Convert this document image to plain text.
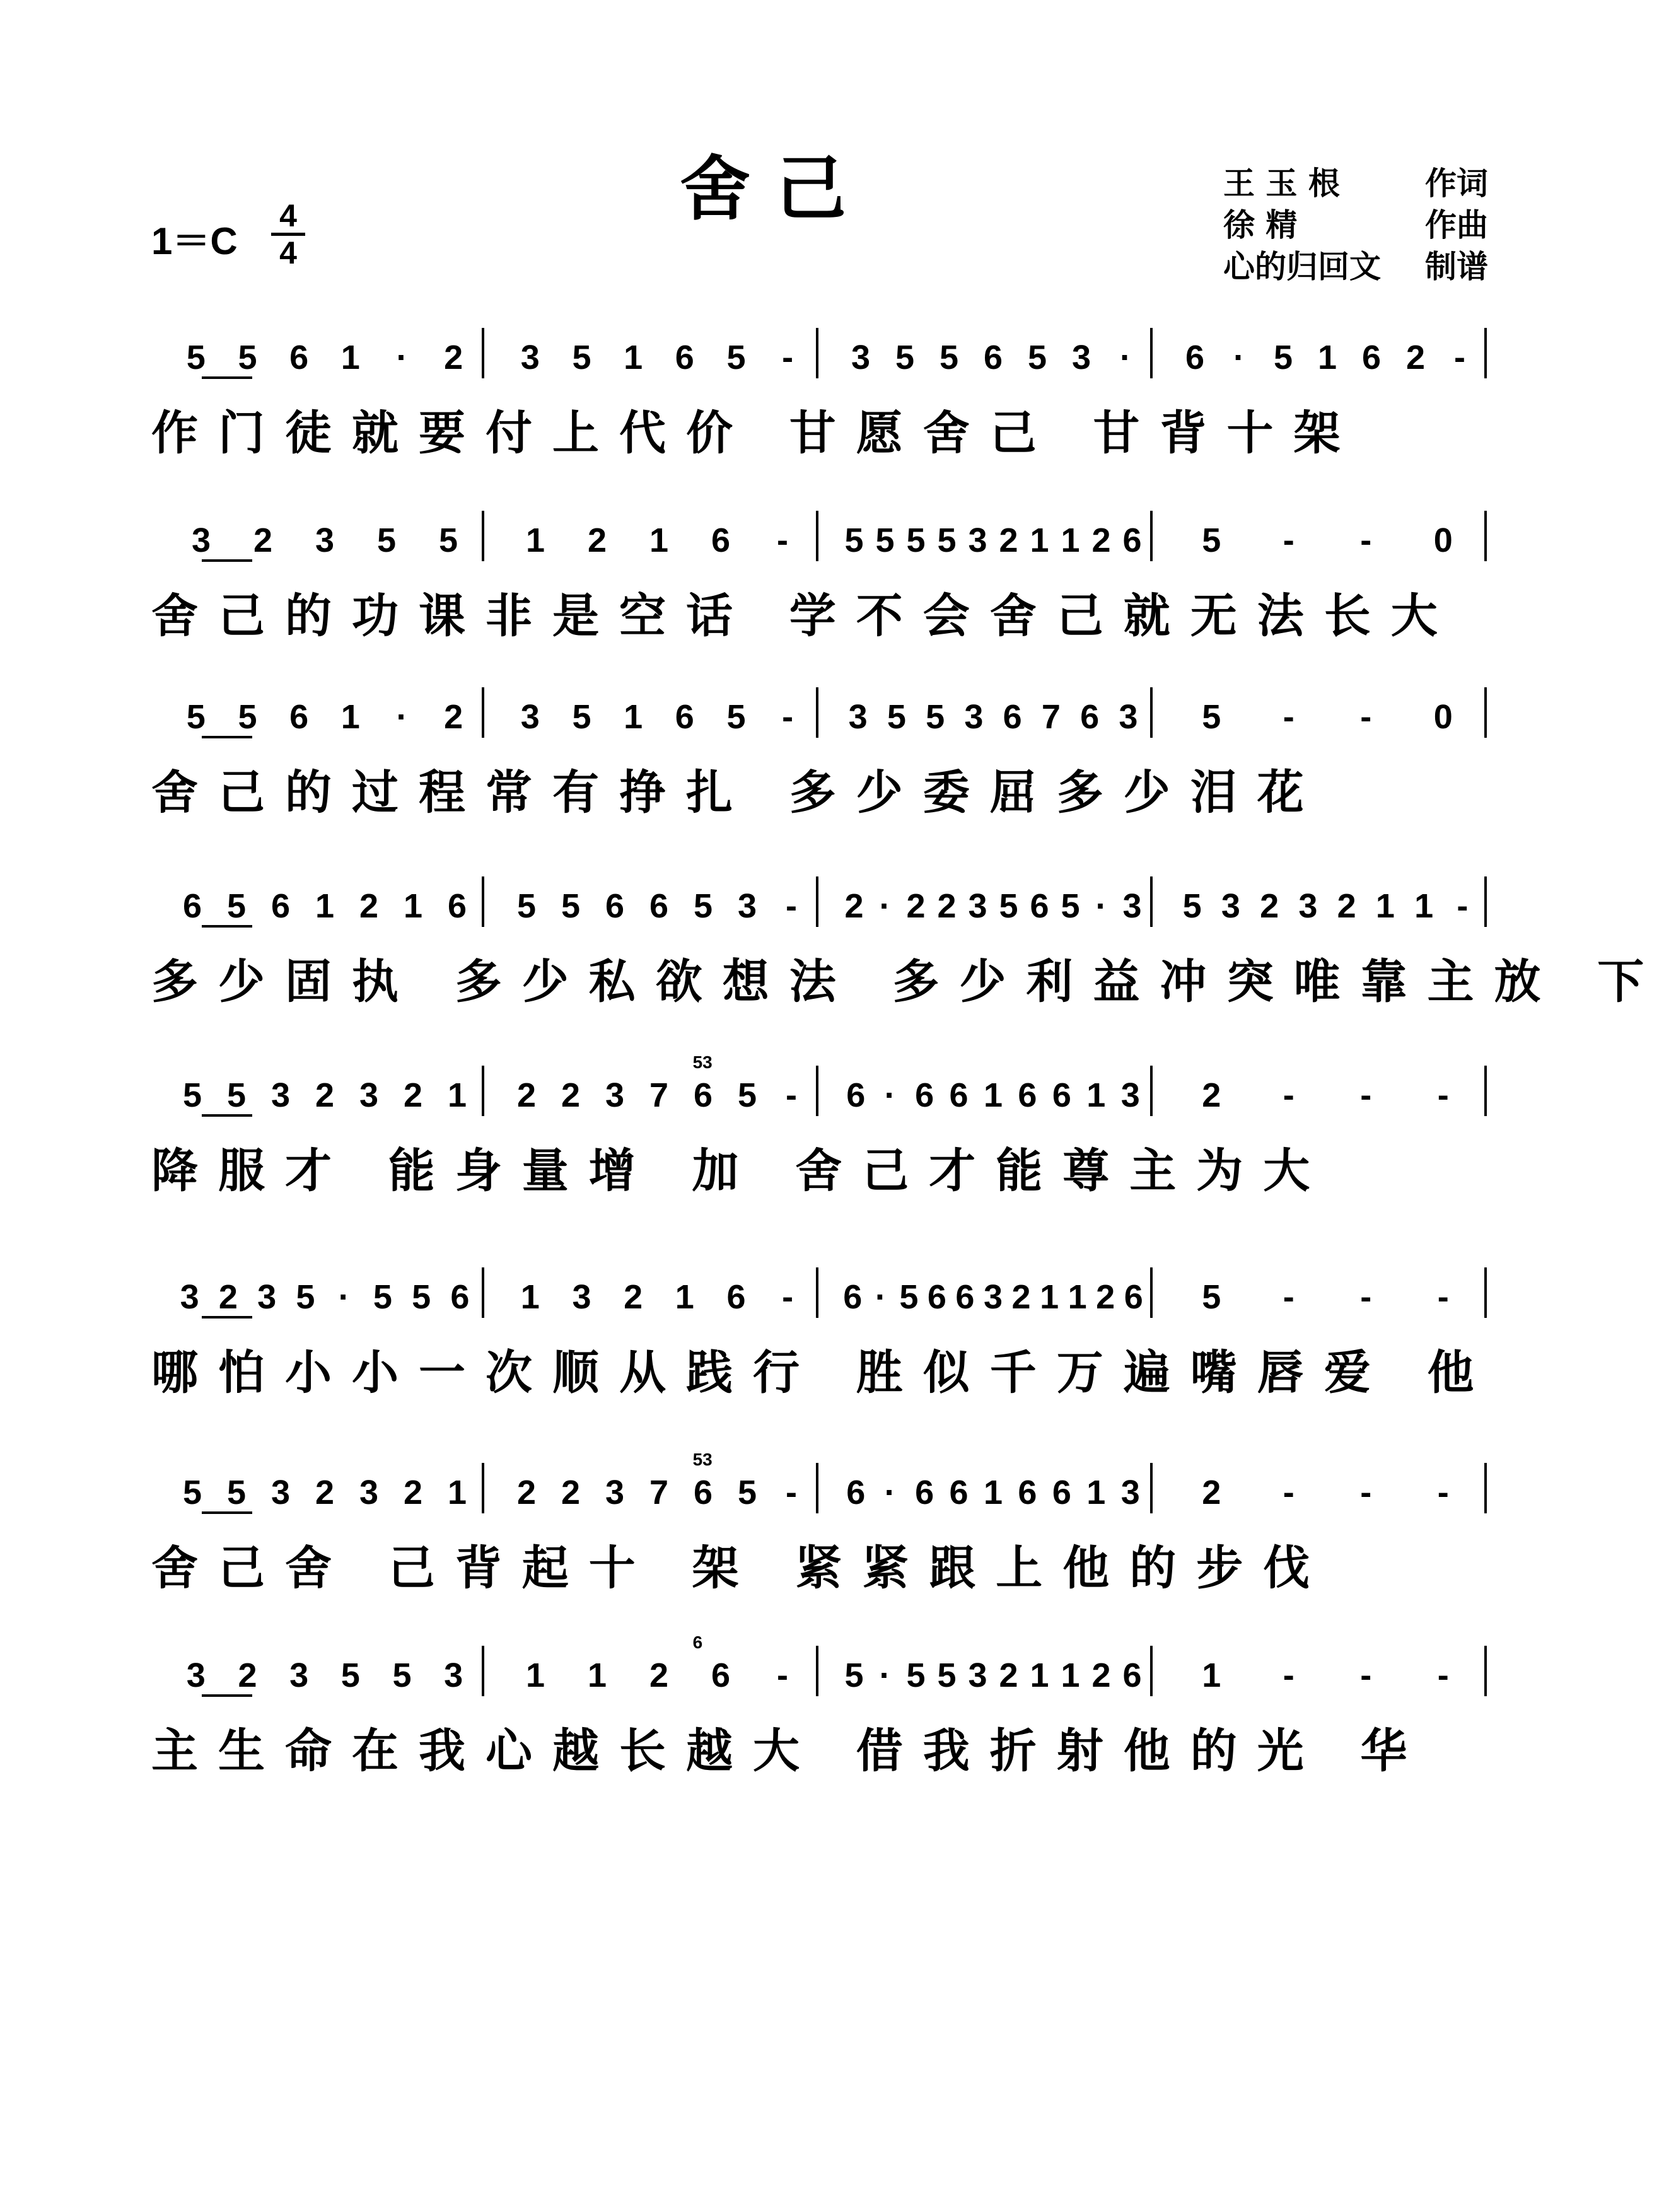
舍己
1＝C
4
4
王 玉 根	作词
徐 精	作曲
心的归回文 制谱
5 5 6 1 · 2 3 5 1 6 5 - 3 5 5 6 5 3 · 6 · 5 1 6 2 -
作门徒就要付上代价 甘愿舍己 甘背十架
3 2 3 5 5 1 2 1 6 - 5 5 5 5 3 2 1 1 2 6 5 - - 0
舍己的功课非是空话 学不会舍己就无法长大
5 5 6 1 · 2 3 5 1 6 5 - 3 5 5 3 6 7 6 3 5 - - 0
舍己的过程常有挣扎 多少委屈多少泪花
6 5 6 1 2 1 6 5 5 6 6 5 3 - 2 · 2 2 3 5 6 5 · 3 5 3 2 3 2 1 1 -
多少固执 多少私欲想法 多少利益冲突唯靠主放 下
5 5 3 2 3 2 1 2 2 3 7 6 5 - 6 · 6 6 1 6 6 1 3 2 - - -
53
降服才 能身量增 加 舍己才能尊主为大
3 2 3 5 · 5 5 6 1 3 2 1 6 - 6 · 5 6 6 3 2 1 1 2 6 5 - - -
哪怕小小一次顺从践行 胜似千万遍嘴唇爱 他
5 5 3 2 3 2 1 2 2 3 7 6 5 - 6 · 6 6 1 6 6 1 3 2 - - -
53
舍己舍 己背起十 架 紧紧跟上他的步伐
3 2 3 5 5 3 1 1 2 6 - 5 · 5 5 3 2 1 1 2 6 1 - - -
6
主生命在我心越长越大 借我折射他的光 华
